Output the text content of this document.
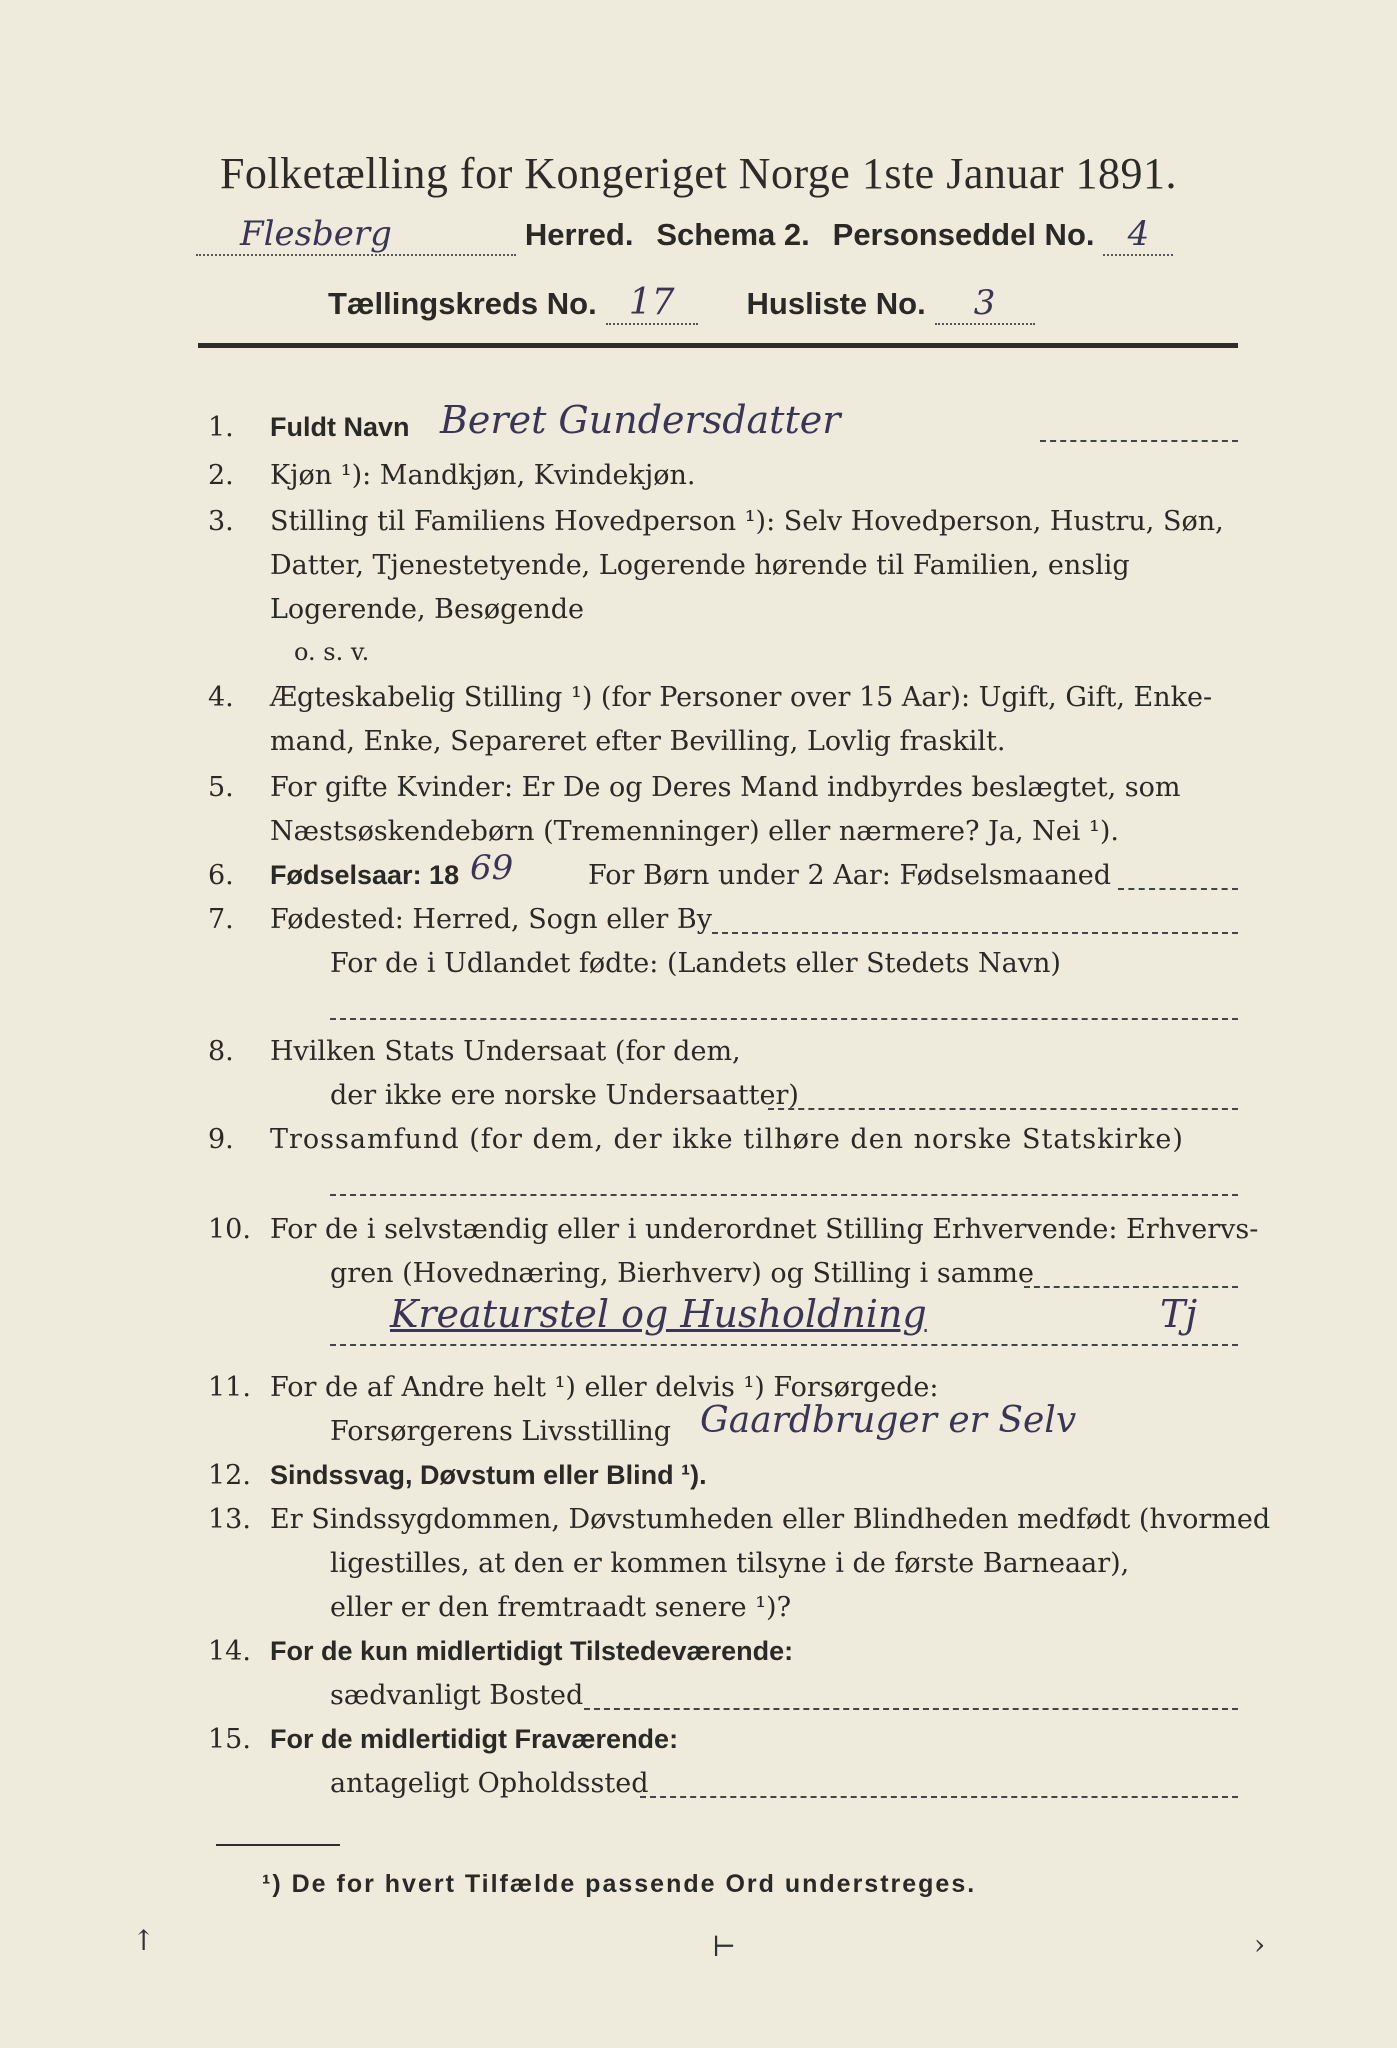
Folketælling for Kongeriget Norge 1ste Januar 1891.
Flesberg	Herred. Schema 2. Personseddel No. 4
Tællingskreds No. 17 Husliste No. 3
1.	Fuldt Navn Beret Gundersdatter
2.	Kjøn ¹): Mandkjøn, Kvindekjøn.
3.	Stilling til Familiens Hovedperson ¹): Selv Hovedperson, Hustru, Søn,
Datter, Tjenestetyende, Logerende hørende til Familien, enslig
Logerende, Besøgende
o. s. v.
4.	Ægteskabelig Stilling ¹) (for Personer over 15 Aar): Ugift, Gift, Enke-
mand, Enke, Separeret efter Bevilling, Lovlig fraskilt.
5.	For gifte Kvinder: Er De og Deres Mand indbyrdes beslægtet, som
Næstsøskendebørn (Tremenninger) eller nærmere? Ja, Nei ¹).
6.	Fødselsaar: 18 69	For Børn under 2 Aar: Fødselsmaaned
7.	Fødested: Herred, Sogn eller By
For de i Udlandet fødte: (Landets eller Stedets Navn)
8.	Hvilken Stats Undersaat (for dem,
der ikke ere norske Undersaatter)
9.	Trossamfund (for dem, der ikke tilhøre den norske Statskirke)
10. For de i selvstændig eller i underordnet Stilling Erhvervende: Erhvervs-
gren (Hovednæring, Bierhverv) og Stilling i samme
Kreaturstel og Husholdning	Tj
11. For de af Andre helt ¹) eller delvis ¹) Forsørgede:
Forsørgerens Livsstilling Gaardbruger er Selv
12. Sindssvag, Døvstum eller Blind ¹).
13. Er Sindssygdommen, Døvstumheden eller Blindheden medfødt (hvormed
ligestilles, at den er kommen tilsyne i de første Barneaar),
eller er den fremtraadt senere ¹)?
14. For de kun midlertidigt Tilstedeværende:
sædvanligt Bosted
15. For de midlertidigt Fraværende:
antageligt Opholdssted
¹) De for hvert Tilfælde passende Ord understreges.
↑	⊢	›
